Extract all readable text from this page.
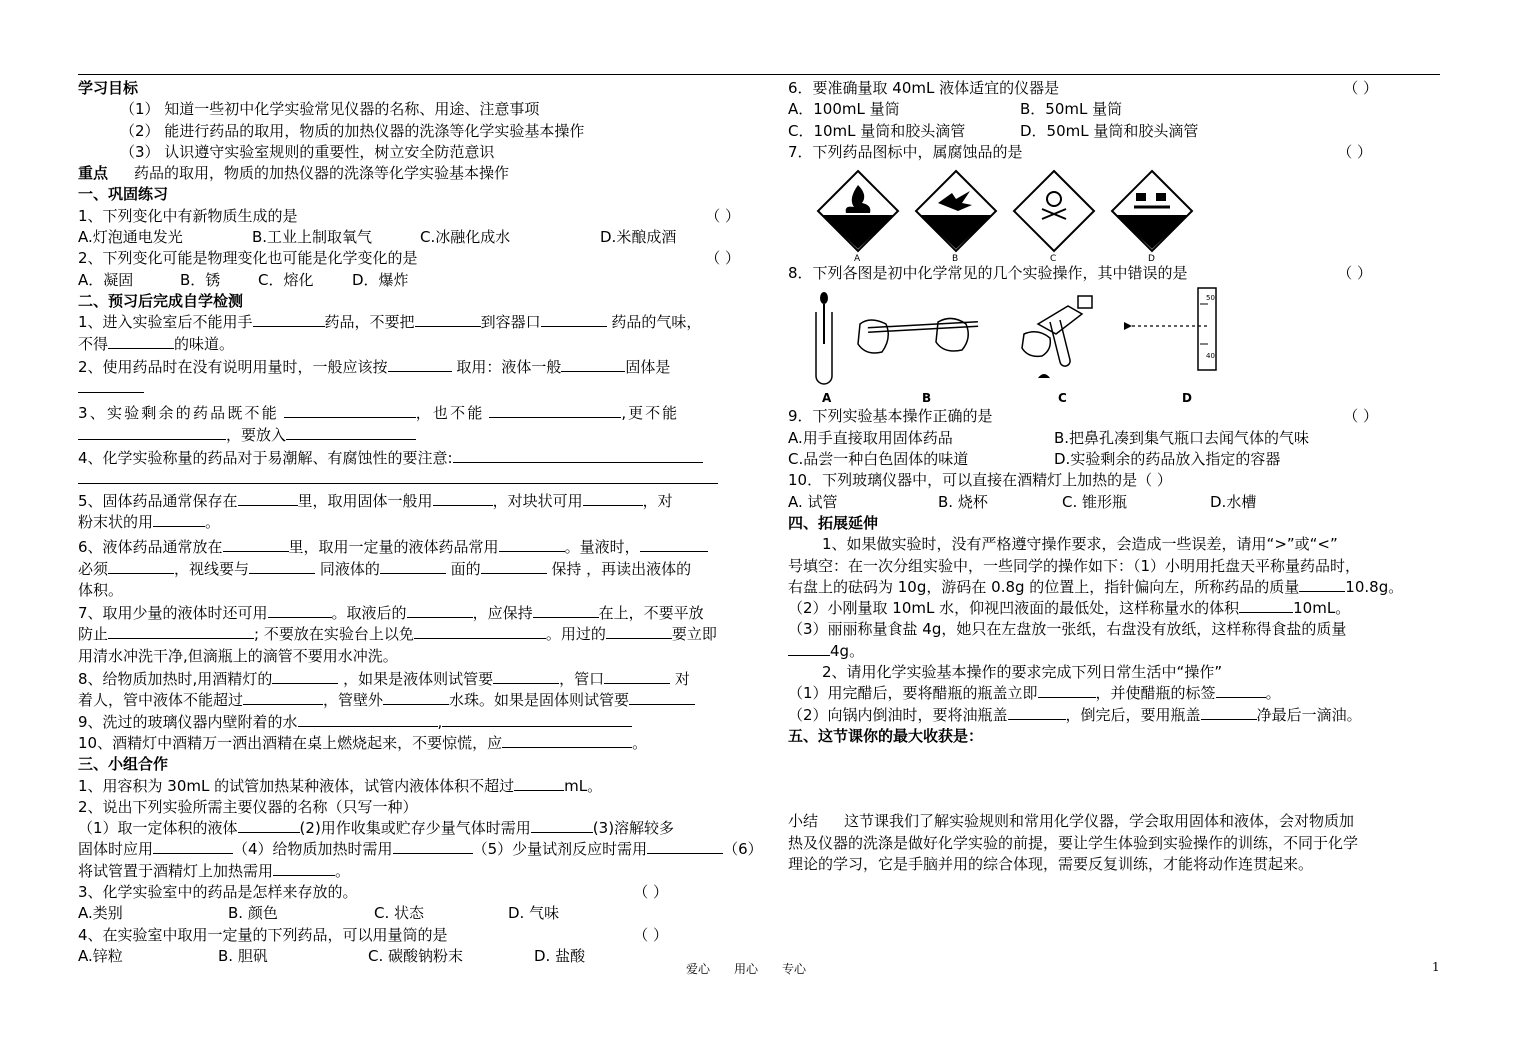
学习目标
（1） 知道一些初中化学实验常见仪器的名称、用途、注意事项
（2） 能进行药品的取用，物质的加热仪器的洗涤等化学实验基本操作
（3） 认识遵守实验室规则的重要性，树立安全防范意识
重点 药品的取用，物质的加热仪器的洗涤等化学实验基本操作
一、巩固练习
1、下列变化中有新物质生成的是	（ ）
A.灯泡通电发光	B.工业上制取氧气	C.冰融化成水	D.米酿成酒
2、下列变化可能是物理变化也可能是化学变化的是	（ ）
A．凝固	B．锈	C．熔化	D．爆炸
二、预习后完成自学检测
1、进入实验室后不能用手	药品，不要把	到容器口	药品的气味，
不得	的味道。
2、使用药品时在没有说明用量时，一般应该按	取用：液体一般	固体是
3、实验剩余的药品既不能	，也不能	,更不能
，要放入
4、化学实验称量的药品对于易潮解、有腐蚀性的要注意:
5、固体药品通常保存在	里，取用固体一般用	，对块状可用	，对
粉末状的用	。
6、液体药品通常放在	里，取用一定量的液体药品常用	。量液时，
必须	，视线要与	同液体的	面的	保持 ，再读出液体的
体积。
7、取用少量的液体时还可用	。取液后的	，应保持	在上，不要平放
防止	; 不要放在实验台上以免	。用过的	要立即
用清水冲洗干净,但滴瓶上的滴管不要用水冲洗。
8、给物质加热时,用酒精灯的	，如果是液体则试管要	，管口	对
着人，管中液体不能超过	，管壁外	水珠。如果是固体则试管要
9、洗过的玻璃仪器内壁附着的水	,
10、酒精灯中酒精万一洒出酒精在桌上燃烧起来，不要惊慌，应	。
三、小组合作
1、用容积为 30mL 的试管加热某种液体，试管内液体体积不超过	mL。
2、说出下列实验所需主要仪器的名称（只写一种）
（1）取一定体积的液体	(2)用作收集或贮存少量气体时需用	(3)溶解较多
固体时应用	（4）给物质加热时需用	（5）少量试剂反应时需用	（6）
将试管置于酒精灯上加热需用	。
3、化学实验室中的药品是怎样来存放的。	（ ）
A.类别	B. 颜色	C. 状态	D. 气味
4、在实验室中取用一定量的下列药品，可以用量筒的是	（ ）
A.锌粒	B. 胆矾	C. 碳酸钠粉末	D. 盐酸
6．要准确量取 40mL 液体适宜的仪器是	（ ）
A．100mL 量筒	B．50mL 量筒
C．10mL 量筒和胶头滴管	D．50mL 量筒和胶头滴管
7．下列药品图标中，属腐蚀品的是	（ ）
A	B	C	D
8．下列各图是初中化学常见的几个实验操作，其中错误的是	（ ）
50
40
A	B	C	D
9．下列实验基本操作正确的是	（ ）
A.用手直接取用固体药品	B.把鼻孔凑到集气瓶口去闻气体的气味
C.品尝一种白色固体的味道	D.实验剩余的药品放入指定的容器
10．下列玻璃仪器中，可以直接在酒精灯上加热的是（ ）
A. 试管	B. 烧杯	C. 锥形瓶	D.水槽
四、拓展延伸
1、如果做实验时，没有严格遵守操作要求，会造成一些误差，请用“>”或“<”
号填空：在一次分组实验中，一些同学的操作如下：（1）小明用托盘天平称量药品时，
右盘上的砝码为 10g，游码在 0.8g 的位置上，指针偏向左，所称药品的质量	10.8g。
（2）小刚量取 10mL 水，仰视凹液面的最低处，这样称量水的体积	10mL。
（3）丽丽称量食盐 4g，她只在左盘放一张纸，右盘没有放纸，这样称得食盐的质量
4g。
2、请用化学实验基本操作的要求完成下列日常生活中“操作”
（1）用完醋后，要将醋瓶的瓶盖立即	，并使醋瓶的标签	。
（2）向锅内倒油时，要将油瓶盖	，倒完后，要用瓶盖	净最后一滴油。
五、这节课你的最大收获是：
小结 这节课我们了解实验规则和常用化学仪器，学会取用固体和液体，会对物质加
热及仪器的洗涤是做好化学实验的前提，要让学生体验到实验操作的训练，不同于化学
理论的学习，它是手脑并用的综合体现，需要反复训练，才能将动作连贯起来。
爱心　　用心　　专心	1
